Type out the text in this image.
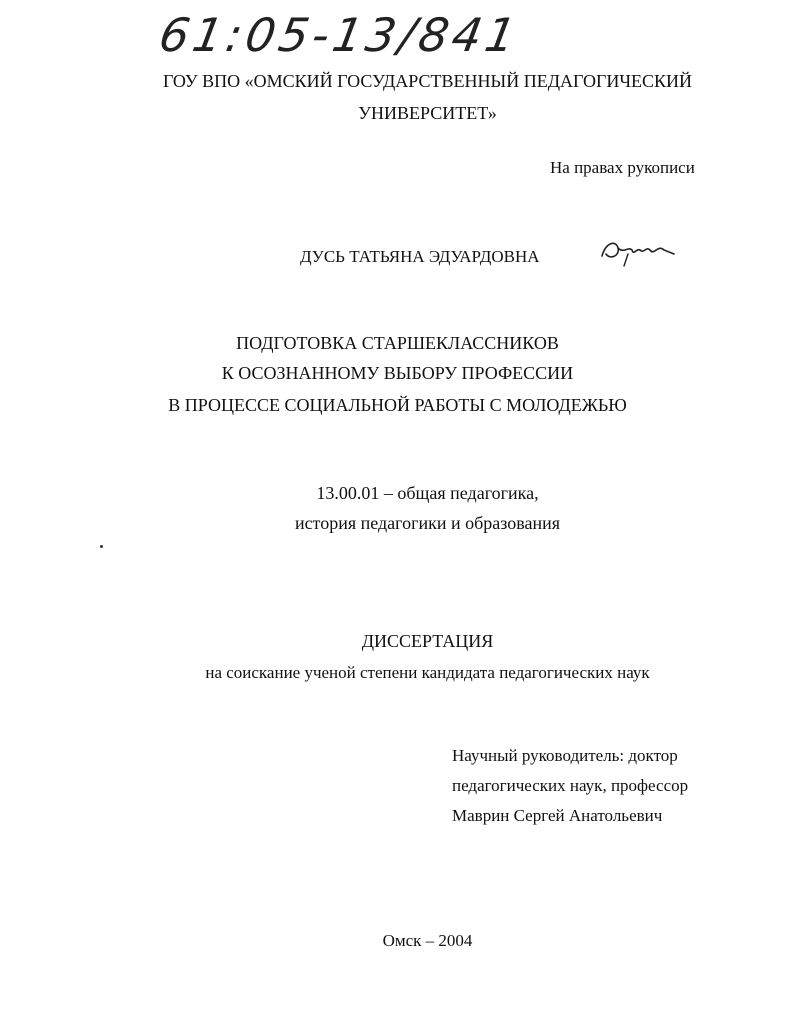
61:05-13/841
ГОУ ВПО «ОМСКИЙ ГОСУДАРСТВЕННЫЙ ПЕДАГОГИЧЕСКИЙ
УНИВЕРСИТЕТ»
На правах рукописи
ДУСЬ ТАТЬЯНА ЭДУАРДОВНА
ПОДГОТОВКА СТАРШЕКЛАССНИКОВ
К ОСОЗНАННОМУ ВЫБОРУ ПРОФЕССИИ
В ПРОЦЕССЕ СОЦИАЛЬНОЙ РАБОТЫ С МОЛОДЕЖЬЮ
13.00.01 – общая педагогика,
история педагогики и образования
ДИССЕРТАЦИЯ
на соискание ученой степени кандидата педагогических наук
Научный руководитель: доктор
педагогических наук, профессор
Маврин Сергей Анатольевич
Омск – 2004
